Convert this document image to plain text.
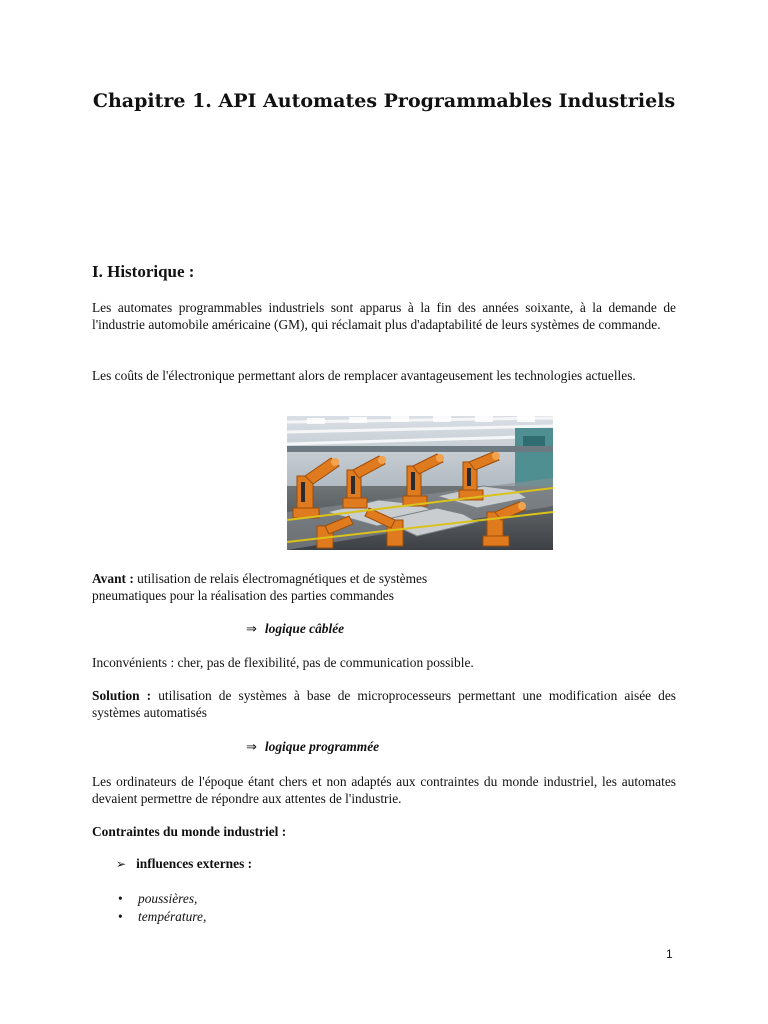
Chapitre 1. API Automates Programmables Industriels
I. Historique :

Les automates programmables industriels sont apparus à la fin des années soixante, à la demande de l'industrie automobile américaine (GM), qui réclamait plus d'adaptabilité de leurs systèmes de commande.

Les coûts de l'électronique permettant alors de remplacer avantageusement les technologies actuelles.

Avant : utilisation de relais électromagnétiques et de systèmes
pneumatiques pour la réalisation des parties commandes

⇒ logique câblée

Inconvénients : cher, pas de flexibilité, pas de communication possible.

Solution : utilisation de systèmes à base de microprocesseurs permettant une modification aisée des systèmes automatisés

⇒ logique programmée

Les ordinateurs de l'époque étant chers et non adaptés aux contraintes du monde industriel, les automates devaient permettre de répondre aux attentes de l'industrie.

Contraintes du monde industriel :

➢ influences externes :

• poussières,
• température,

1
